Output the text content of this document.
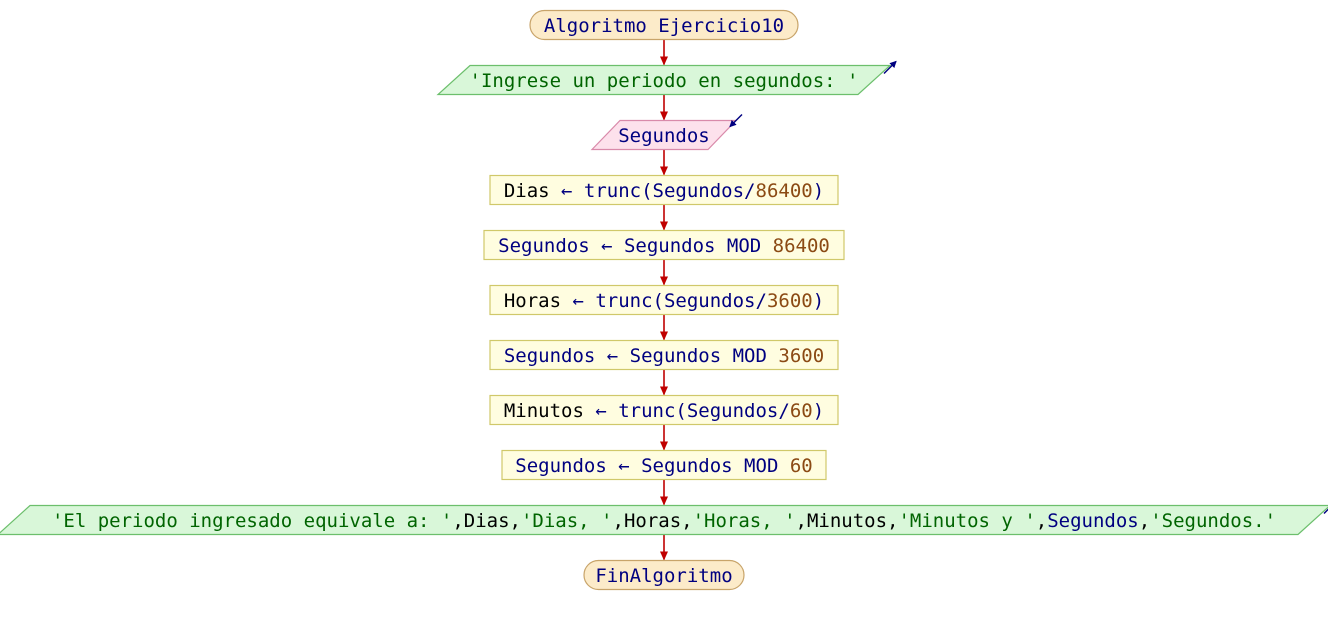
Algoritmo Ejercicio10
'Ingrese un periodo en segundos: '
Segundos
Dias ← trunc(Segundos/86400)
Segundos ← Segundos MOD 86400
Horas ← trunc(Segundos/3600)
Segundos ← Segundos MOD 3600
Minutos ← trunc(Segundos/60)
Segundos ← Segundos MOD 60
'El periodo ingresado equivale a: ',Dias,'Dias, ',Horas,'Horas, ',Minutos,'Minutos y ',Segundos,'Segundos.'
FinAlgoritmo
